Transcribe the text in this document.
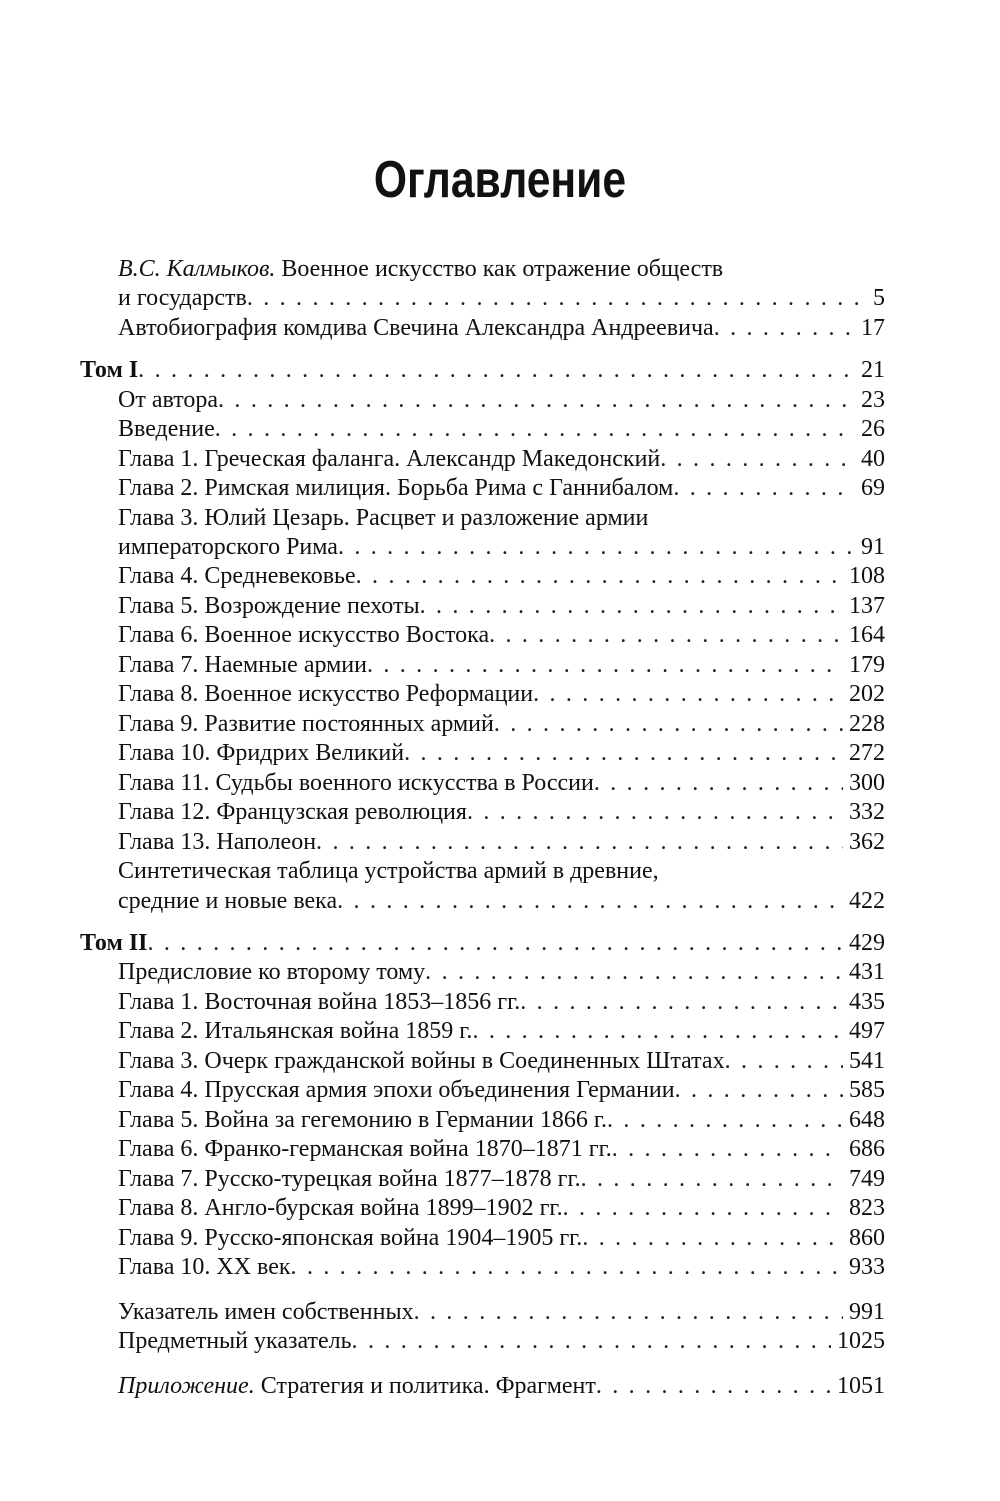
Оглавление
В.С. Калмыков. Военное искусство как отражение обществ
и государств . . .	5
Автобиография комдива Свечина Александра Андреевича . . .	17
Том I . . .	21
От автора . . .	23
Введение . . .	26
Глава 1. Греческая фаланга. Александр Македонский . . .	40
Глава 2. Римская милиция. Борьба Рима с Ганнибалом . . .	69
Глава 3. Юлий Цезарь. Расцвет и разложение армии
императорского Рима . . .	91
Глава 4. Средневековье . . .	108
Глава 5. Возрождение пехоты . . .	137
Глава 6. Военное искусство Востока . . .	164
Глава 7. Наемные армии . . .	179
Глава 8. Военное искусство Реформации . . .	202
Глава 9. Развитие постоянных армий . . .	228
Глава 10. Фридрих Великий . . .	272
Глава 11. Судьбы военного искусства в России . . .	300
Глава 12. Французская революция . . .	332
Глава 13. Наполеон . . .	362
Синтетическая таблица устройства армий в древние,
средние и новые века . . .	422
Том II . . .	429
Предисловие ко второму тому . . .	431
Глава 1. Восточная война 1853–1856 гг. . . .	435
Глава 2. Итальянская война 1859 г. . . .	497
Глава 3. Очерк гражданской войны в Соединенных Штатах . . .	541
Глава 4. Прусская армия эпохи объединения Германии . . .	585
Глава 5. Война за гегемонию в Германии 1866 г. . . .	648
Глава 6. Франко-германская война 1870–1871 гг. . . .	686
Глава 7. Русско-турецкая война 1877–1878 гг. . . .	749
Глава 8. Англо-бурская война 1899–1902 гг. . . .	823
Глава 9. Русско-японская война 1904–1905 гг. . . .	860
Глава 10. XX век . . .	933
Указатель имен собственных . . .	991
Предметный указатель . . .	1025
Приложение. Стратегия и политика. Фрагмент . . .	1051
